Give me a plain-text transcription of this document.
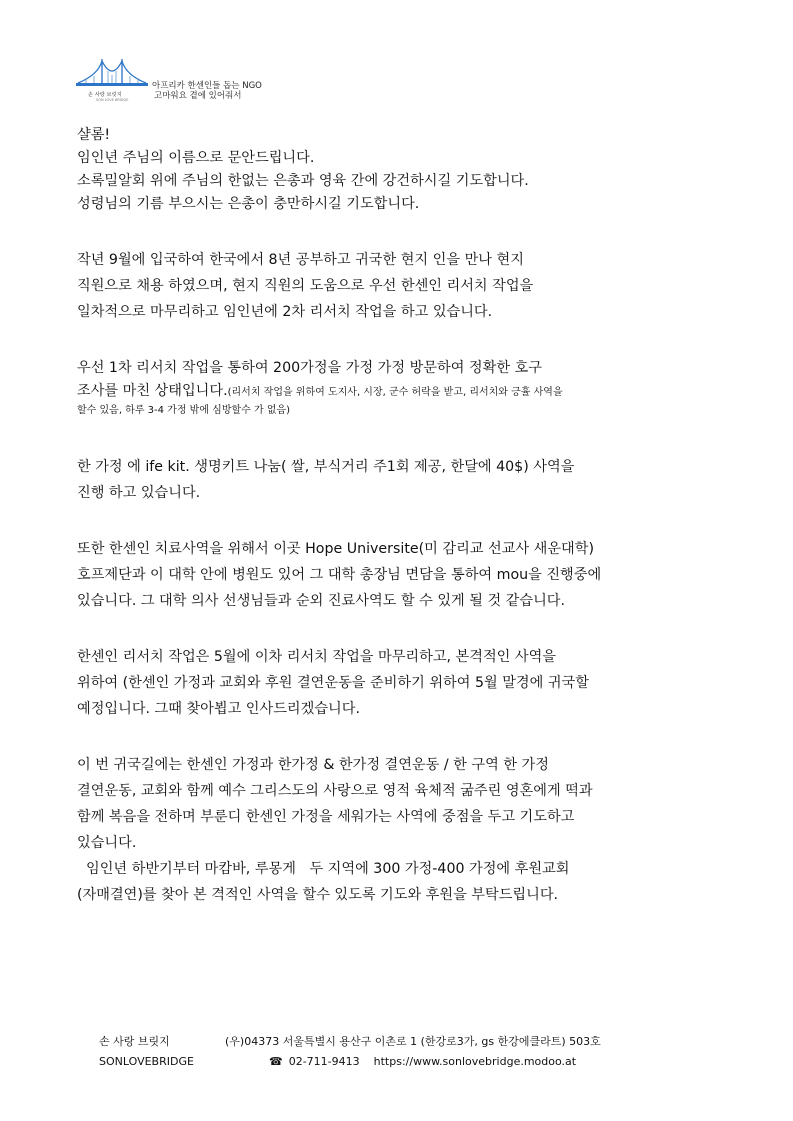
손 사랑 브릿지
SON LOVE BRIDGE
아프리카 한센인들 돕는 NGO
고마워요 곁에 있어줘서
샬롬!
임인년 주님의 이름으로 문안드립니다.
소록밀알회 위에 주님의 한없는 은총과 영육 간에 강건하시길 기도합니다.
성령님의 기름 부으시는 은총이 충만하시길 기도합니다.
작년 9월에 입국하여 한국에서 8년 공부하고 귀국한 현지 인을 만나 현지
직원으로 채용 하였으며, 현지 직원의 도움으로 우선 한센인 리서치 작업을
일차적으로 마무리하고 임인년에 2차 리서치 작업을 하고 있습니다.
우선 1차 리서치 작업을 통하여 200가정을 가정 가정 방문하여 정확한 호구
조사를 마친 상태입니다.(리서치 작업을 위하여 도지사, 시장, 군수 허락을 받고, 리서치와 긍휼 사역을
할수 있음, 하루 3-4 가정 밖에 심방할수 가 없음)
한 가정 에 ife kit. 생명키트 나눔( 쌀, 부식거리 주1회 제공, 한달에 40$) 사역을
진행 하고 있습니다.
또한 한센인 치료사역을 위해서 이곳 Hope Universite(미 감리교 선교사 새운대학)
호프제단과 이 대학 안에 병원도 있어 그 대학 총장님 면담을 통하여 mou을 진행중에
있습니다. 그 대학 의사 선생님들과 순외 진료사역도 할 수 있게 될 것 같습니다.
한센인 리서치 작업은 5월에 이차 리서치 작업을 마무리하고, 본격적인 사역을
위하여 (한센인 가정과 교회와 후원 결연운동을 준비하기 위하여 5월 말경에 귀국할
예정입니다. 그때 찾아뵙고 인사드리겠습니다.
이 번 귀국길에는 한센인 가정과 한가정 & 한가정 결연운동 / 한 구역 한 가정
결연운동, 교회와 함께 예수 그리스도의 사랑으로 영적 육체적 굶주린 영혼에게 떡과
함께 복음을 전하며 부룬디 한센인 가정을 세워가는 사역에 중점을 두고 기도하고
있습니다.
임인년 하반기부터 마캄바, 루몽게   두 지역에 300 가정-400 가정에 후원교회
(자매결연)를 찾아 본 격적인 사역을 할수 있도록 기도와 후원을 부탁드립니다.
손 사랑 브릿지	(우)04373 서울특별시 용산구 이촌로 1 (한강로3가, gs 한강에클라트) 503호
SONLOVEBRIDGE	☎ 02-711-9413 https://www.sonlovebridge.modoo.at
